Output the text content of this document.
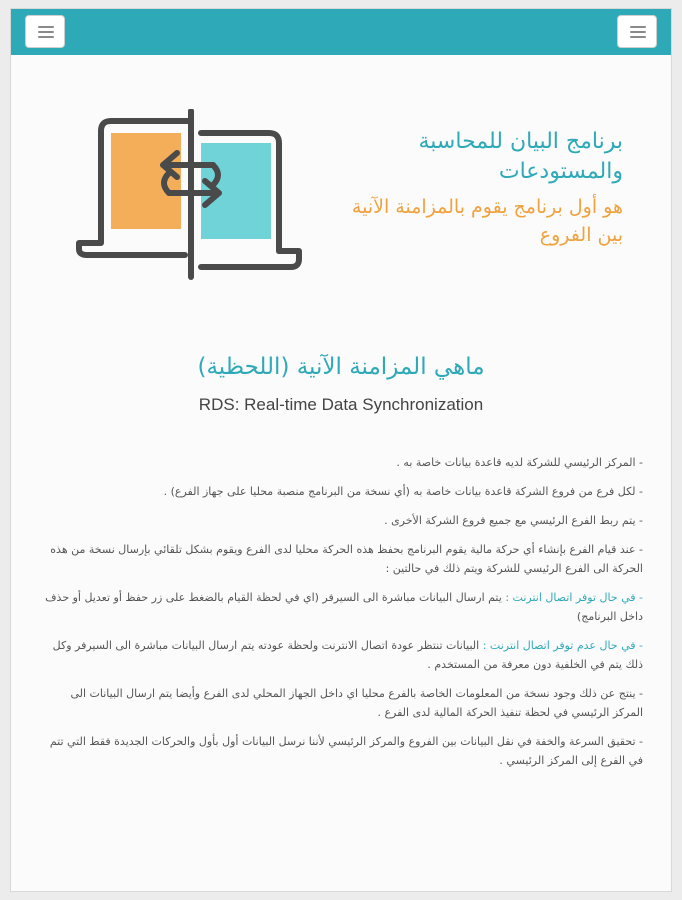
برنامج البيان للمحاسبة والمستودعات
هو أول برنامج يقوم بالمزامنة الآنية بين الفروع
ماهي المزامنة الآنية (اللحظية)
RDS: Real-time Data Synchronization

- المركز الرئيسي للشركة لديه قاعدة بيانات خاصة به .

- لكل فرع من فروع الشركة قاعدة بيانات خاصة به (أي نسخة من البرنامج منصبة محليا على جهاز الفرع) .

- يتم ربط الفرع الرئيسي مع جميع فروع الشركة الأخرى .

- عند قيام الفرع بإنشاء أي حركة مالية يقوم البرنامج بحفظ هذه الحركة محليا لدى الفرع ويقوم بشكل تلقائي بإرسال نسخة من هذه الحركة الى الفرع الرئيسي للشركة ويتم ذلك في حالتين :

- في حال توفر اتصال انترنت : يتم ارسال البيانات مباشرة الى السيرفر (اي في لحظة القيام بالضغط على زر حفظ أو تعديل أو حذف داخل البرنامج)

- في حال عدم توفر اتصال انترنت : البيانات تنتظر عودة اتصال الانترنت ولحظة عودته يتم ارسال البيانات مباشرة الى السيرفر وكل ذلك يتم في الخلفية دون معرفة من المستخدم .

- ينتج عن ذلك وجود نسخة من المعلومات الخاصة بالفرع محليا اي داخل الجهاز المحلي لدى الفرع وأيضا يتم ارسال البيانات الى المركز الرئيسي في لحظة تنفيذ الحركة المالية لدى الفرع .

- تحقيق السرعة والخفة في نقل البيانات بين الفروع والمركز الرئيسي لأننا نرسل البيانات أول بأول والحركات الجديدة فقط التي تتم في الفرع إلى المركز الرئيسي .
